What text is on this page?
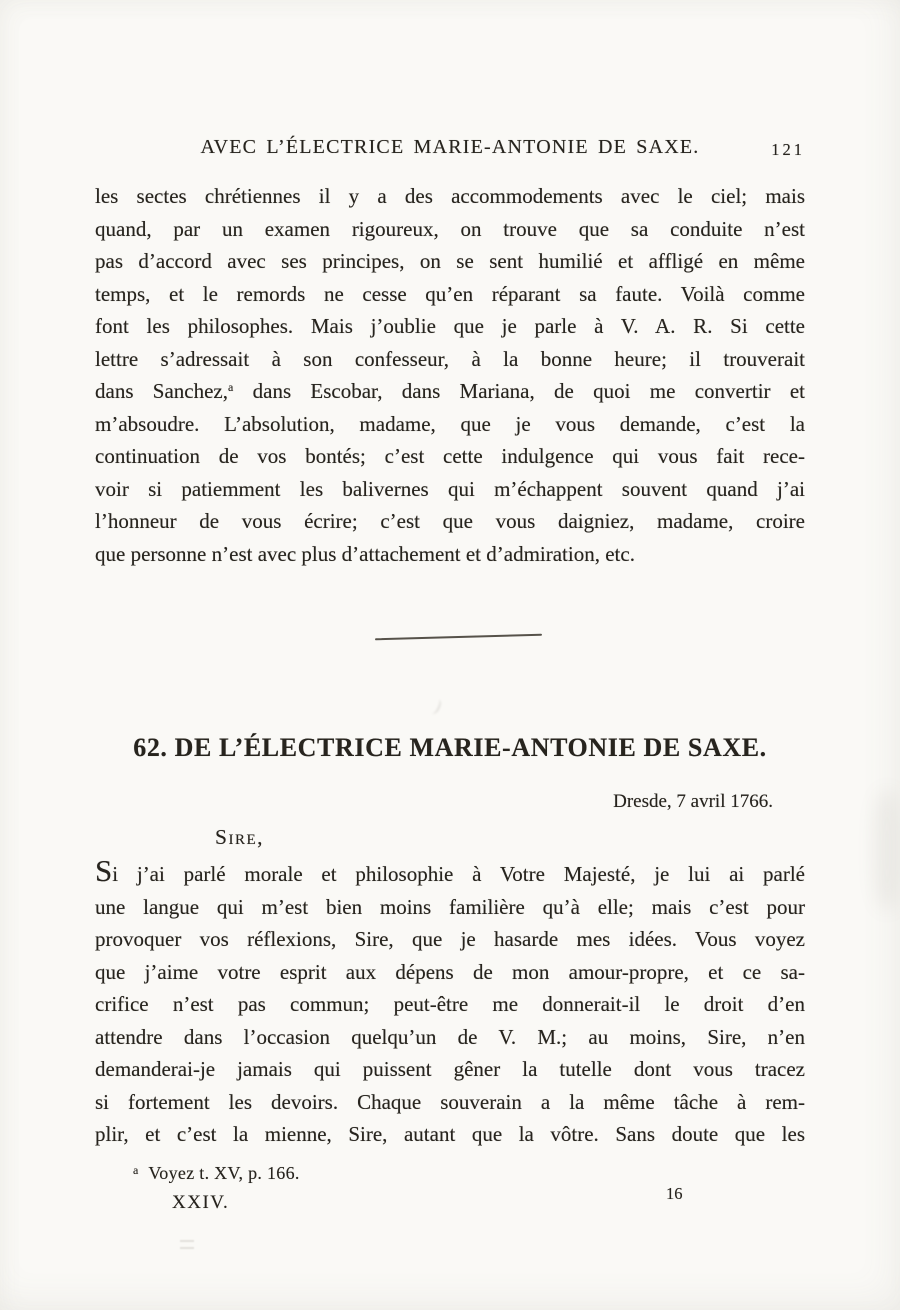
AVEC L’ÉLECTRICE MARIE-ANTONIE DE SAXE.	121
les sectes chrétiennes il y a des accommodements avec le ciel; mais
quand, par un examen rigoureux, on trouve que sa conduite n’est
pas d’accord avec ses principes, on se sent humilié et affligé en même
temps, et le remords ne cesse qu’en réparant sa faute. Voilà comme
font les philosophes. Mais j’oublie que je parle à V. A. R. Si cette
lettre s’adressait à son confesseur, à la bonne heure; il trouverait
dans Sanchez,$^a$ dans Escobar, dans Mariana, de quoi me convertir et
m’absoudre. L’absolution, madame, que je vous demande, c’est la
continuation de vos bontés; c’est cette indulgence qui vous fait rece-
voir si patiemment les balivernes qui m’échappent souvent quand j’ai
l’honneur de vous écrire; c’est que vous daigniez, madame, croire
que personne n’est avec plus d’attachement et d’admiration, etc.
62. DE L’ÉLECTRICE MARIE-ANTONIE DE SAXE.
Dresde, 7 avril 1766.
Sire,
Si j’ai parlé morale et philosophie à Votre Majesté, je lui ai parlé
une langue qui m’est bien moins familière qu’à elle; mais c’est pour
provoquer vos réflexions, Sire, que je hasarde mes idées. Vous voyez
que j’aime votre esprit aux dépens de mon amour-propre, et ce sa-
crifice n’est pas commun; peut-être me donnerait-il le droit d’en
attendre dans l’occasion quelqu’un de V. M.; au moins, Sire, n’en
demanderai-je jamais qui puissent gêner la tutelle dont vous tracez
si fortement les devoirs. Chaque souverain a la même tâche à rem-
plir, et c’est la mienne, Sire, autant que la vôtre. Sans doute que les
$^a$ Voyez t. XV, p. 166.
XXIV.	16
